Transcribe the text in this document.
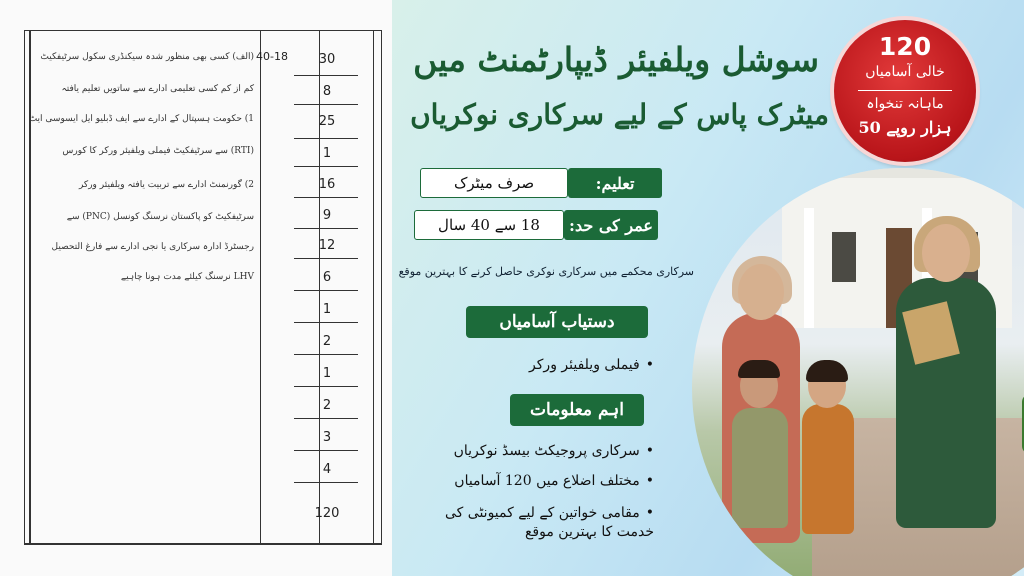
40-18	30
8
25
1
16
9
12
6
1
2
1
2
3
4
120
(الف) کسی بھی منظور شدہ سیکنڈری سکول سرٹیفکیٹ
کم از کم کسی تعلیمی ادارے سے ساتویں تعلیم یافتہ
1) حکومت ہسپتال کے ادارے سے ایف ڈبلیو ایل ایسوسی ایٹ
(RTI) سے سرٹیفکیٹ فیملی ویلفیئر ورکر کا کورس
2) گورنمنٹ ادارے سے تربیت یافتہ ویلفیئر ورکر
سرٹیفکیٹ کو پاکستان نرسنگ کونسل (PNC) سے
رجسٹرڈ ادارہ سرکاری یا نجی ادارے سے فارغ التحصیل
LHV نرسنگ کیلئے مدت ہونا چاہیے
سوشل ویلفیئر ڈیپارٹمنٹ میں
میٹرک پاس کے لیے سرکاری نوکریاں
120
خالی آسامیاں
ماہانہ تنخواہ
50 ہزار روپے
تعلیم:
صرف میٹرک
عمر کی حد:
18 سے 40 سال
سرکاری محکمے میں سرکاری نوکری حاصل کرنے کا بہترین موقع
دستیاب آسامیاں
• فیملی ویلفیئر ورکر
اہم معلومات
• سرکاری پروجیکٹ بیسڈ نوکریاں
• مختلف اضلاع میں 120 آسامیاں
• مقامی خواتین کے لیے کمیونٹی کی خدمت کا بہترین موقع
